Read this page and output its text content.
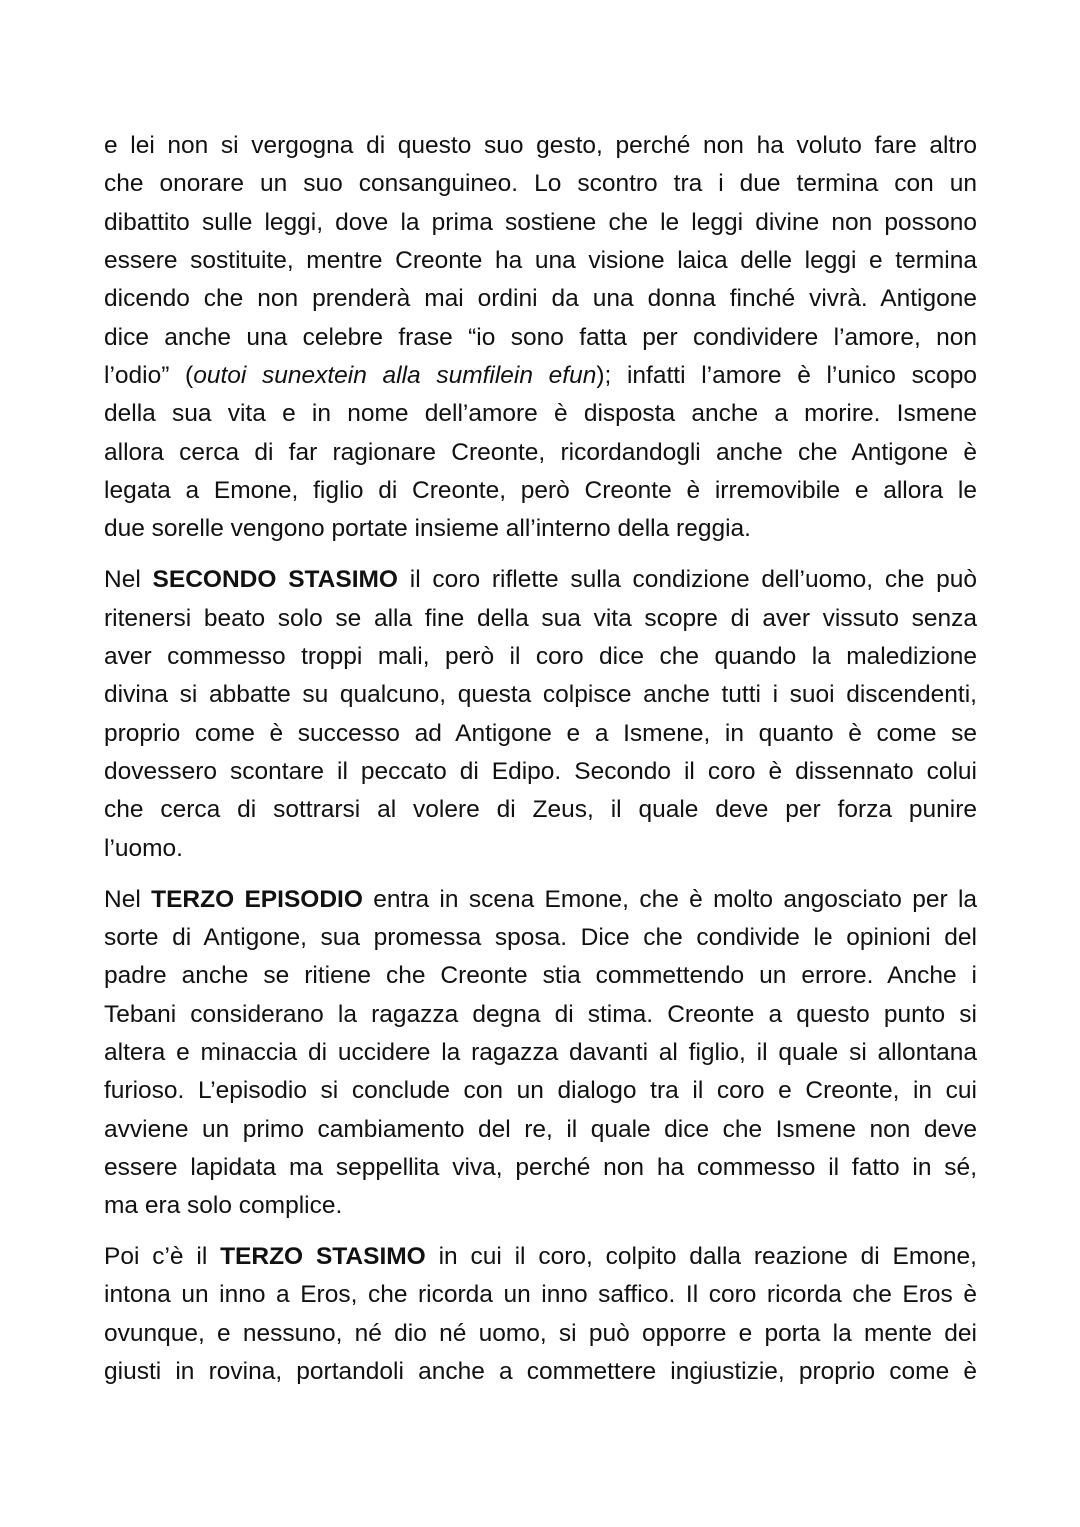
e lei non si vergogna di questo suo gesto, perché non ha voluto fare altro
che onorare un suo consanguineo. Lo scontro tra i due termina con un
dibattito sulle leggi, dove la prima sostiene che le leggi divine non possono
essere sostituite, mentre Creonte ha una visione laica delle leggi e termina
dicendo che non prenderà mai ordini da una donna finché vivrà. Antigone
dice anche una celebre frase “io sono fatta per condividere l’amore, non
l’odio” (outoi sunextein alla sumfilein efun); infatti l’amore è l’unico scopo
della sua vita e in nome dell’amore è disposta anche a morire. Ismene
allora cerca di far ragionare Creonte, ricordandogli anche che Antigone è
legata a Emone, figlio di Creonte, però Creonte è irremovibile e allora le
due sorelle vengono portate insieme all’interno della reggia.
Nel SECONDO STASIMO il coro riflette sulla condizione dell’uomo, che può
ritenersi beato solo se alla fine della sua vita scopre di aver vissuto senza
aver commesso troppi mali, però il coro dice che quando la maledizione
divina si abbatte su qualcuno, questa colpisce anche tutti i suoi discendenti,
proprio come è successo ad Antigone e a Ismene, in quanto è come se
dovessero scontare il peccato di Edipo. Secondo il coro è dissennato colui
che cerca di sottrarsi al volere di Zeus, il quale deve per forza punire
l’uomo.
Nel TERZO EPISODIO entra in scena Emone, che è molto angosciato per la
sorte di Antigone, sua promessa sposa. Dice che condivide le opinioni del
padre anche se ritiene che Creonte stia commettendo un errore. Anche i
Tebani considerano la ragazza degna di stima. Creonte a questo punto si
altera e minaccia di uccidere la ragazza davanti al figlio, il quale si allontana
furioso. L’episodio si conclude con un dialogo tra il coro e Creonte, in cui
avviene un primo cambiamento del re, il quale dice che Ismene non deve
essere lapidata ma seppellita viva, perché non ha commesso il fatto in sé,
ma era solo complice.
Poi c’è il TERZO STASIMO in cui il coro, colpito dalla reazione di Emone,
intona un inno a Eros, che ricorda un inno saffico. Il coro ricorda che Eros è
ovunque, e nessuno, né dio né uomo, si può opporre e porta la mente dei
giusti in rovina, portandoli anche a commettere ingiustizie, proprio come è
